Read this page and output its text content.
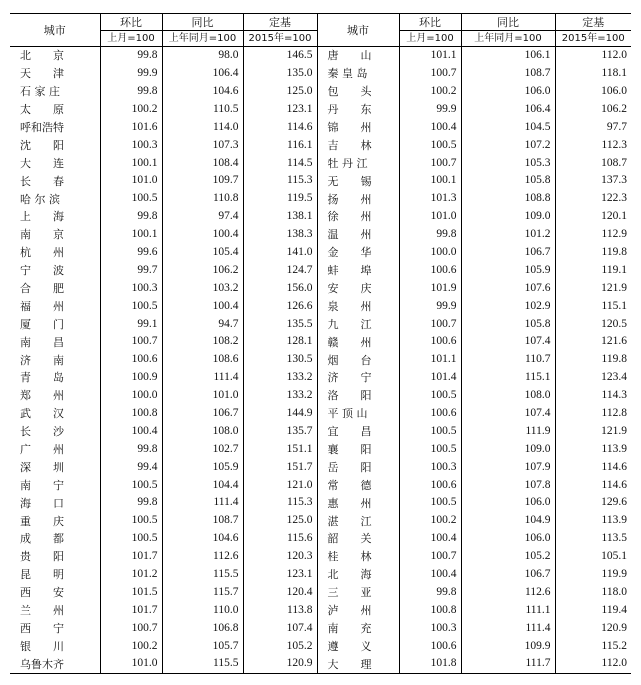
城市	环比	同比	定基	城市	环比	同比	定基
	上月=100	上年同月=100	2015年=100		上月=100	上年同月=100	2015年=100
北　　京	99.8	98.0	146.5	唐　　山	101.1	106.1	112.0
天　　津	99.9	106.4	135.0	秦 皇 岛	100.7	108.7	118.1
石 家 庄	99.8	104.6	125.0	包　　头	100.2	106.0	106.0
太　　原	100.2	110.5	123.1	丹　　东	99.9	106.4	106.2
呼和浩特	101.6	114.0	114.6	锦　　州	100.4	104.5	97.7
沈　　阳	100.3	107.3	116.1	吉　　林	100.5	107.2	112.3
大　　连	100.1	108.4	114.5	牡 丹 江	100.7	105.3	108.7
长　　春	101.0	109.7	115.3	无　　锡	100.1	105.8	137.3
哈 尔 滨	100.5	110.8	119.5	扬　　州	101.3	108.8	122.3
上　　海	99.8	97.4	138.1	徐　　州	101.0	109.0	120.1
南　　京	100.1	100.4	138.3	温　　州	99.8	101.2	112.9
杭　　州	99.6	105.4	141.0	金　　华	100.0	106.7	119.8
宁　　波	99.7	106.2	124.7	蚌　　埠	100.6	105.9	119.1
合　　肥	100.3	103.2	156.0	安　　庆	101.9	107.6	121.9
福　　州	100.5	100.4	126.6	泉　　州	99.9	102.9	115.1
厦　　门	99.1	94.7	135.5	九　　江	100.7	105.8	120.5
南　　昌	100.7	108.2	128.1	赣　　州	100.6	107.4	121.6
济　　南	100.6	108.6	130.5	烟　　台	101.1	110.7	119.8
青　　岛	100.9	111.4	133.2	济　　宁	101.4	115.1	123.4
郑　　州	100.0	101.0	133.2	洛　　阳	100.5	108.0	114.3
武　　汉	100.8	106.7	144.9	平 顶 山	100.6	107.4	112.8
长　　沙	100.4	108.0	135.7	宜　　昌	100.5	111.9	121.9
广　　州	99.8	102.7	151.1	襄　　阳	100.5	109.0	113.9
深　　圳	99.4	105.9	151.7	岳　　阳	100.3	107.9	114.6
南　　宁	100.5	104.4	121.0	常　　德	100.6	107.8	114.6
海　　口	99.8	111.4	115.3	惠　　州	100.5	106.0	129.6
重　　庆	100.5	108.7	125.0	湛　　江	100.2	104.9	113.9
成　　都	100.5	104.6	115.6	韶　　关	100.4	106.0	113.5
贵　　阳	101.7	112.6	120.3	桂　　林	100.7	105.2	105.1
昆　　明	101.2	115.5	123.1	北　　海	100.4	106.7	119.9
西　　安	101.5	115.7	120.4	三　　亚	99.8	112.6	118.0
兰　　州	101.7	110.0	113.8	泸　　州	100.8	111.1	119.4
西　　宁	100.7	106.8	107.4	南　　充	100.3	111.4	120.9
银　　川	100.2	105.7	105.2	遵　　义	100.6	109.9	115.2
乌鲁木齐	101.0	115.5	120.9	大　　理	101.8	111.7	112.0
